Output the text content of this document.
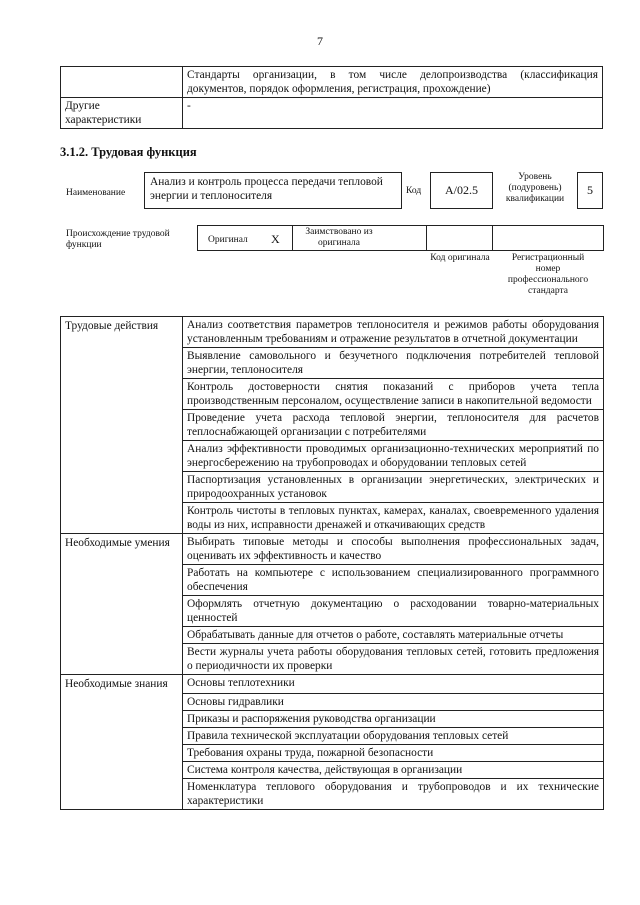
7
	Стандарты организации, в том числе делопроизводства (классификация документов, порядок оформления, регистрация, прохождение)
Другие характеристики	-
3.1.2. Трудовая функция
Наименование
Анализ и контроль процесса передачи тепловой энергии и теплоносителя	Код A/02.5
Уровень (подуровень) квалификации
5
Происхождение трудовой функции	Оригинал X	Заимствовано из оригинала
Код оригинала	Регистрационный номер профессионального стандарта
Трудовые действия	Анализ соответствия параметров теплоносителя и режимов работы оборудования установленным требованиям и отражение результатов в отчетной документации
	Выявление самовольного и безучетного подключения потребителей тепловой энергии, теплоносителя
	Контроль достоверности снятия показаний с приборов учета тепла производственным персоналом, осуществление записи в накопительной ведомости
	Проведение учета расхода тепловой энергии, теплоносителя для расчетов теплоснабжающей организации с потребителями
	Анализ эффективности проводимых организационно-технических мероприятий по энергосбережению на трубопроводах и оборудовании тепловых сетей
	Паспортизация установленных в организации энергетических, электрических и природоохранных установок
	Контроль чистоты в тепловых пунктах, камерах, каналах, своевременного удаления воды из них, исправности дренажей и откачивающих средств
Необходимые умения	Выбирать типовые методы и способы выполнения профессиональных задач, оценивать их эффективность и качество
	Работать на компьютере с использованием специализированного программного обеспечения
	Оформлять отчетную документацию о расходовании товарно-материальных ценностей
	Обрабатывать данные для отчетов о работе, составлять материальные отчеты
	Вести журналы учета работы оборудования тепловых сетей, готовить предложения о периодичности их проверки
Необходимые знания	Основы теплотехники
	Основы гидравлики
	Приказы и распоряжения руководства организации
	Правила технической эксплуатации оборудования тепловых сетей
	Требования охраны труда, пожарной безопасности
	Система контроля качества, действующая в организации
	Номенклатура теплового оборудования и трубопроводов и их технические характеристики
